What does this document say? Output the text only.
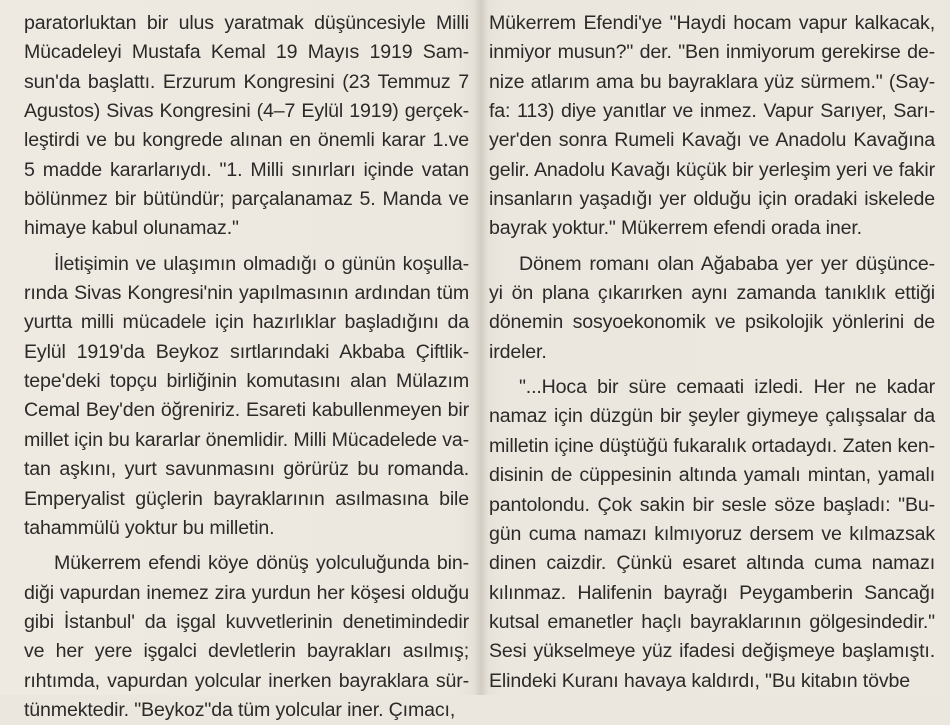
paratorluktan bir ulus yaratmak düşüncesiyle Milli
Mücadeleyi Mustafa Kemal 19 Mayıs 1919 Sam-
sun'da başlattı. Erzurum Kongresini (23 Temmuz 7
Agustos) Sivas Kongresini (4–7 Eylül 1919) gerçek-
leştirdi ve bu kongrede alınan en önemli karar 1.ve
5 madde kararlarıydı. "1. Milli sınırları içinde vatan
bölünmez bir bütündür; parçalanamaz 5. Manda ve
himaye kabul olunamaz."
İletişimin ve ulaşımın olmadığı o günün koşulla-
rında Sivas Kongresi'nin yapılmasının ardından tüm
yurtta milli mücadele için hazırlıklar başladığını da
Eylül 1919'da Beykoz sırtlarındaki Akbaba Çiftlik-
tepe'deki topçu birliğinin komutasını alan Mülazım
Cemal Bey'den öğreniriz. Esareti kabullenmeyen bir
millet için bu kararlar önemlidir. Milli Mücadelede va-
tan aşkını, yurt savunmasını görürüz bu romanda.
Emperyalist güçlerin bayraklarının asılmasına bile
tahammülü yoktur bu milletin.
Mükerrem efendi köye dönüş yolculuğunda bin-
diği vapurdan inemez zira yurdun her köşesi olduğu
gibi İstanbul' da işgal kuvvetlerinin denetimindedir
ve her yere işgalci devletlerin bayrakları asılmış;
rıhtımda, vapurdan yolcular inerken bayraklara sür-
tünmektedir. "Beykoz"da tüm yolcular iner. Çımacı,
Mükerrem Efendi'ye "Haydi hocam vapur kalkacak,
inmiyor musun?" der. "Ben inmiyorum gerekirse de-
nize atlarım ama bu bayraklara yüz sürmem." (Say-
fa: 113) diye yanıtlar ve inmez. Vapur Sarıyer, Sarı-
yer'den sonra Rumeli Kavağı ve Anadolu Kavağına
gelir. Anadolu Kavağı küçük bir yerleşim yeri ve fakir
insanların yaşadığı yer olduğu için oradaki iskelede
bayrak yoktur." Mükerrem efendi orada iner.
Dönem romanı olan Ağababa yer yer düşünce-
yi ön plana çıkarırken aynı zamanda tanıklık ettiği
dönemin sosyoekonomik ve psikolojik yönlerini de
irdeler.
"...Hoca bir süre cemaati izledi. Her ne kadar
namaz için düzgün bir şeyler giymeye çalışsalar da
milletin içine düştüğü fukaralık ortadaydı. Zaten ken-
disinin de cüppesinin altında yamalı mintan, yamalı
pantolondu. Çok sakin bir sesle söze başladı: "Bu-
gün cuma namazı kılmıyoruz dersem ve kılmazsak
dinen caizdir. Çünkü esaret altında cuma namazı
kılınmaz. Halifenin bayrağı Peygamberin Sancağı
kutsal emanetler haçlı bayraklarının gölgesindedir."
Sesi yükselmeye yüz ifadesi değişmeye başlamıştı.
Elindeki Kuranı havaya kaldırdı, "Bu kitabın tövbe
